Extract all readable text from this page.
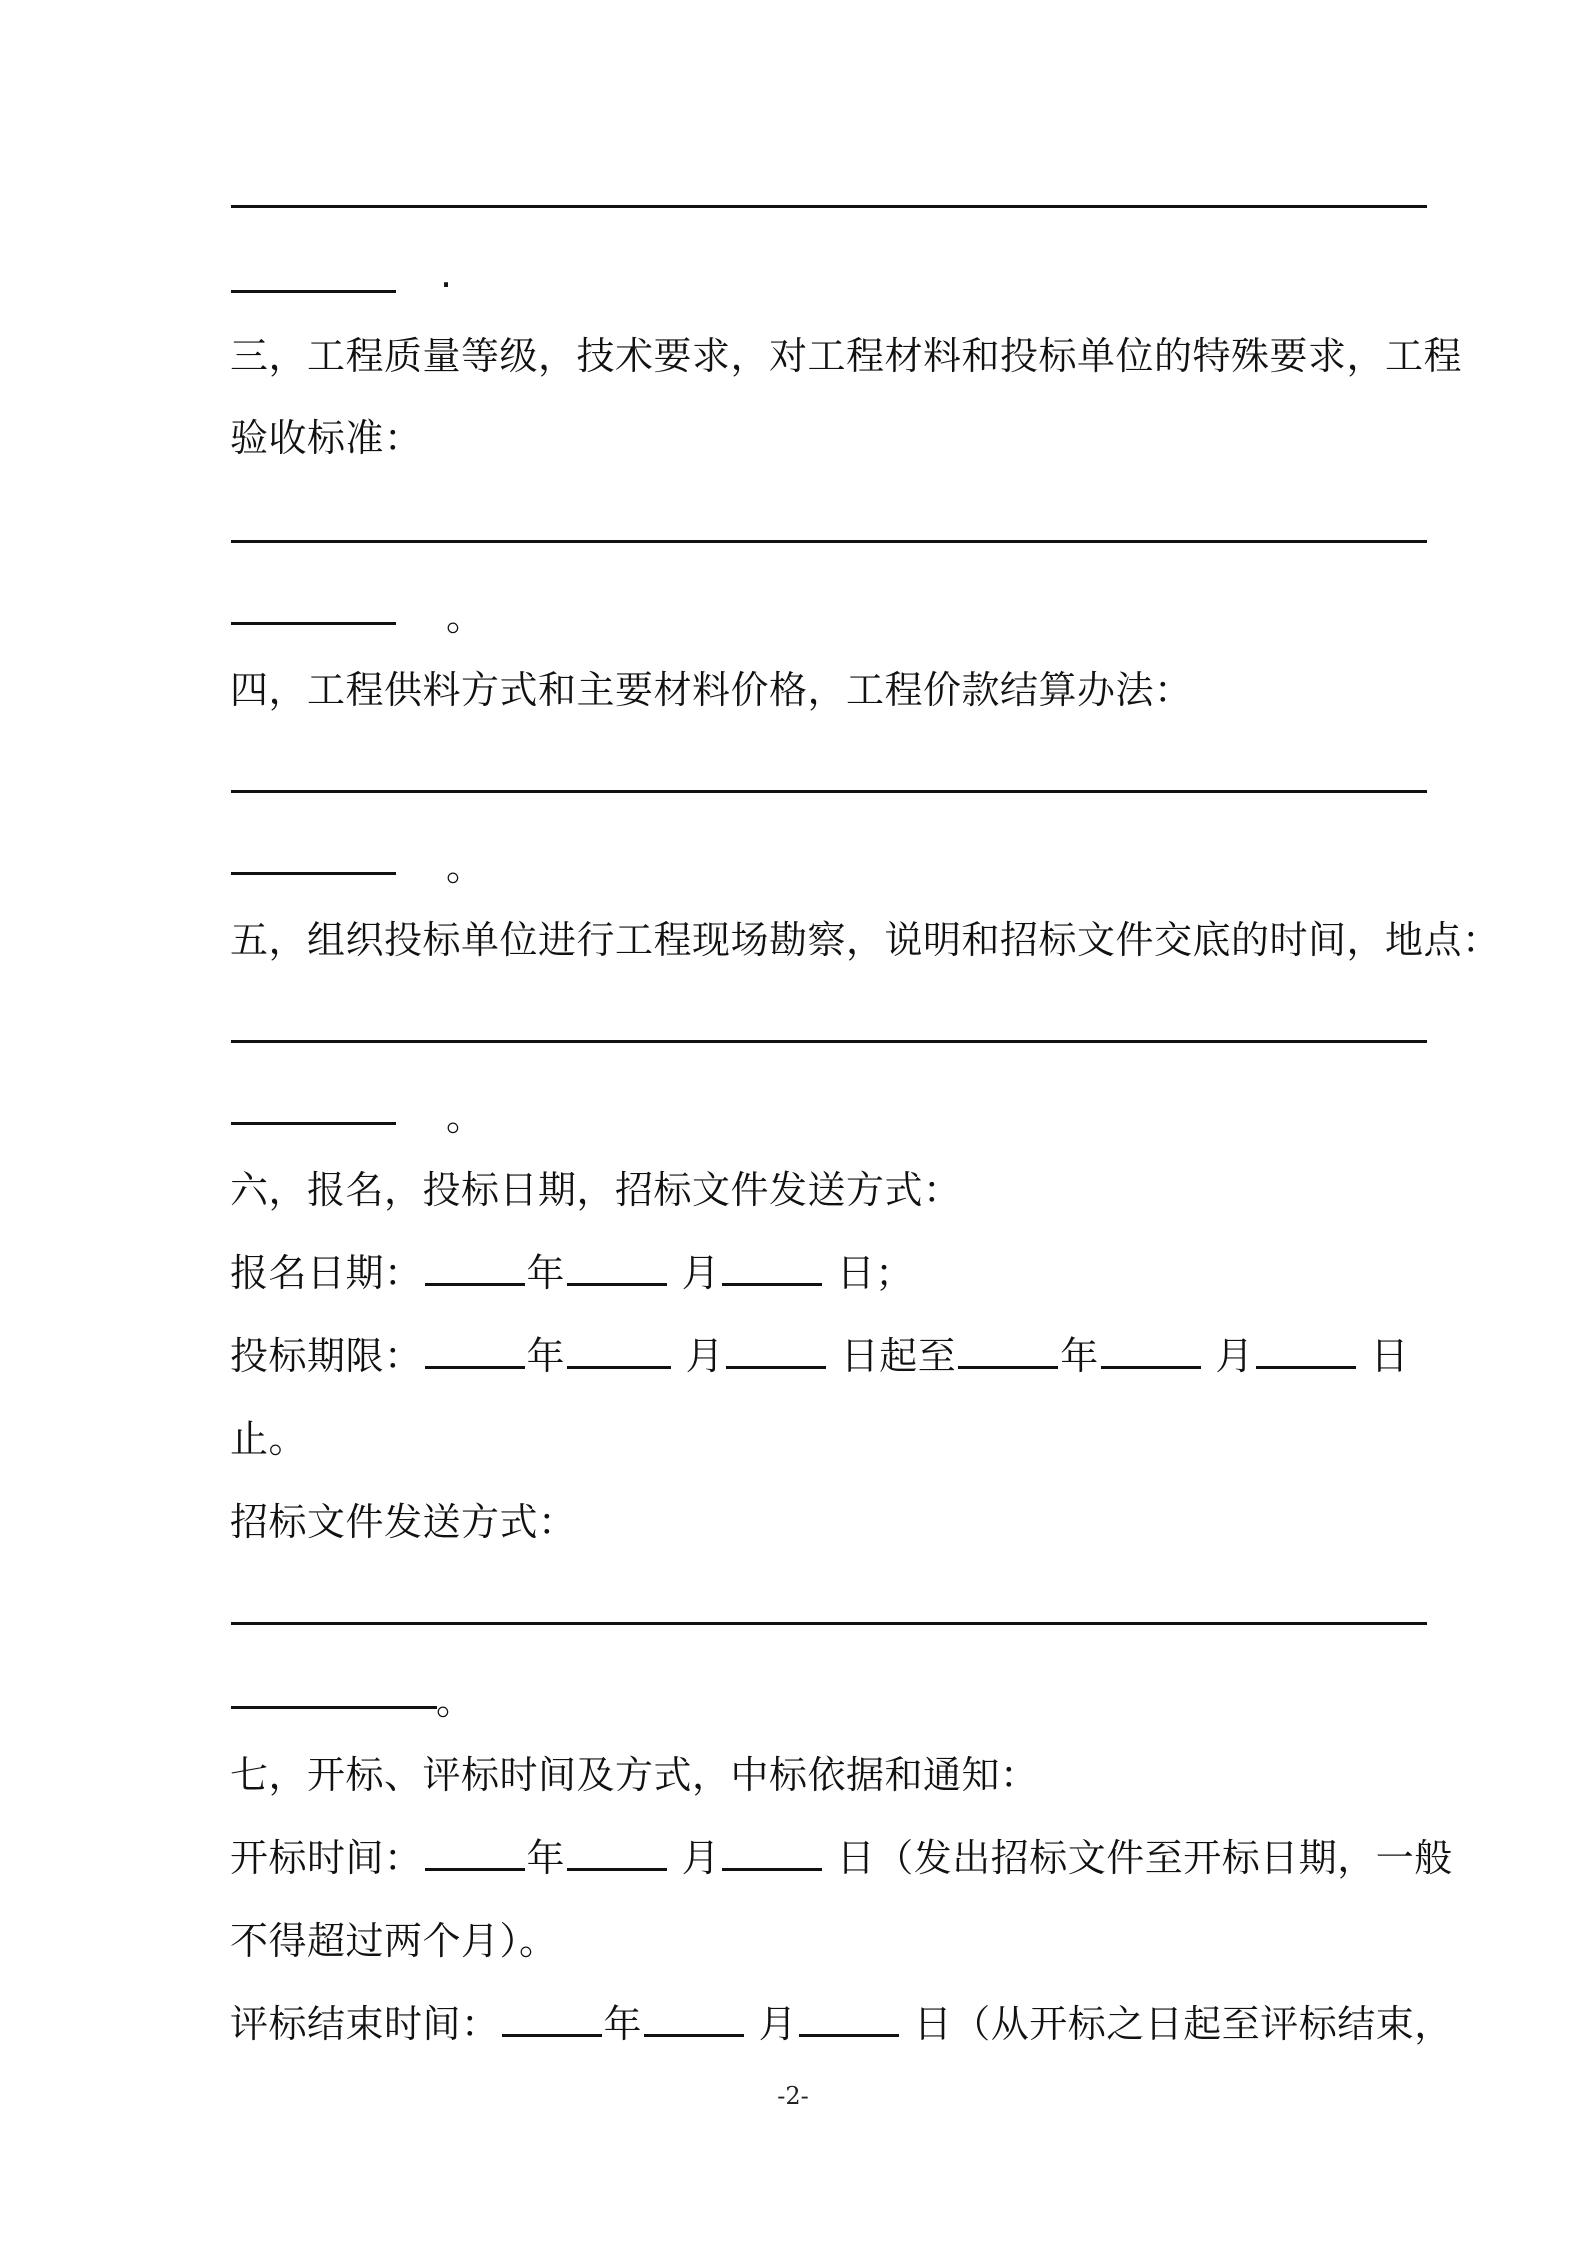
·
三，工程质量等级，技术要求，对工程材料和投标单位的特殊要求，工程
验收标准：
。
四，工程供料方式和主要材料价格，工程价款结算办法：
。
五，组织投标单位进行工程现场勘察，说明和招标文件交底的时间，地点：
。
六，报名，投标日期，招标文件发送方式：
报名日期：	年	月	日；
投标期限：	年	月	日起至	年	月	日
止。
招标文件发送方式：
。
七，开标、评标时间及方式，中标依据和通知：
开标时间：	年	月	日（发出招标文件至开标日期，一般
不得超过两个月）。
评标结束时间：	年	月	日（从开标之日起至评标结束，
-2-
